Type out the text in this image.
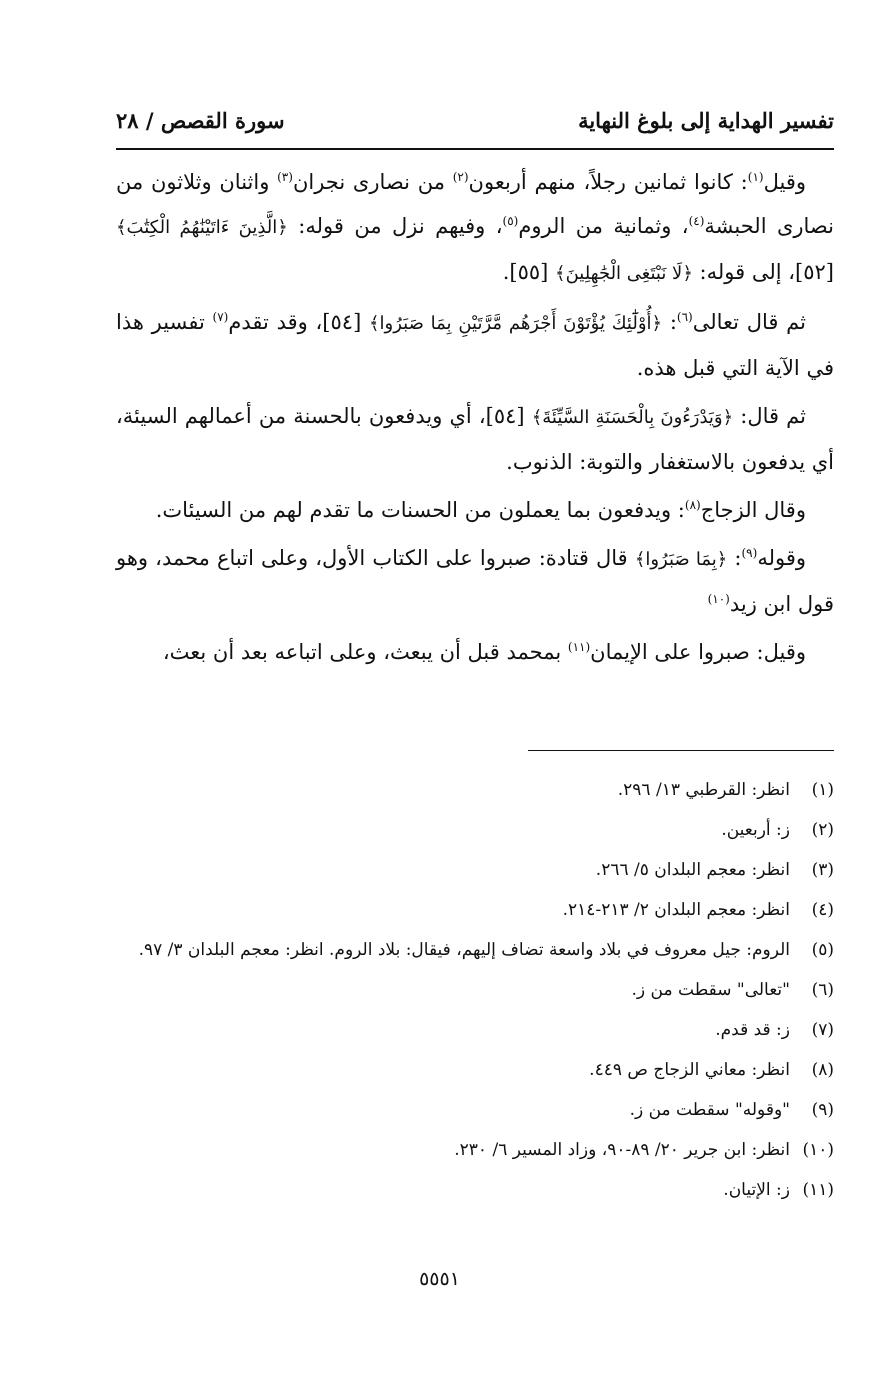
تفسير الهداية إلى بلوغ النهاية
سورة القصص / ٢٨

وقيل$^{(١)}$: كانوا ثمانين رجلاً، منهم أربعون$^{(٢)}$ من نصارى نجران$^{(٣)}$ واثنان وثلاثون من نصارى الحبشة$^{(٤)}$، وثمانية من الروم$^{(٥)}$، وفيهم نزل من قوله: ﴿الَّذِينَ ءَاتَيْنَٰهُمُ الْكِتَٰبَ﴾ [٥٢]، إلى قوله: ﴿لَا نَبْتَغِى الْجَٰهِلِينَ﴾ [٥٥].

ثم قال تعالى$^{(٦)}$: ﴿أُوْلَٰٓئِكَ يُؤْتَوْنَ أَجْرَهُم مَّرَّتَيْنِ بِمَا صَبَرُوا﴾ [٥٤]، وقد تقدم$^{(٧)}$ تفسير هذا في الآية التي قبل هذه.

ثم قال: ﴿وَيَدْرَءُونَ بِالْحَسَنَةِ السَّيِّئَةَ﴾ [٥٤]، أي ويدفعون بالحسنة من أعمالهم السيئة، أي يدفعون بالاستغفار والتوبة: الذنوب.

وقال الزجاج$^{(٨)}$: ويدفعون بما يعملون من الحسنات ما تقدم لهم من السيئات.

وقوله$^{(٩)}$: ﴿بِمَا صَبَرُوا﴾ قال قتادة: صبروا على الكتاب الأول، وعلى اتباع محمد، وهو قول ابن زيد$^{(١٠)}$

وقيل: صبروا على الإيمان$^{(١١)}$ بمحمد قبل أن يبعث، وعلى اتباعه بعد أن بعث،

(١)
انظر: القرطبي ١٣/ ٢٩٦.
(٢)
ز: أربعين.
(٣)
انظر: معجم البلدان ٥/ ٢٦٦.
(٤)
انظر: معجم البلدان ٢/ ٢١٣-٢١٤.
(٥)
الروم: جيل معروف في بلاد واسعة تضاف إليهم، فيقال: بلاد الروم. انظر: معجم البلدان ٣/ ٩٧.
(٦)
"تعالى" سقطت من ز.
(٧)
ز: قد قدم.
(٨)
انظر: معاني الزجاج ص ٤٤٩.
(٩)
"وقوله" سقطت من ز.
(١٠)
انظر: ابن جرير ٢٠/ ٨٩-٩٠، وزاد المسير ٦/ ٢٣٠.
(١١)
ز: الإتيان.
٥٥٥١
